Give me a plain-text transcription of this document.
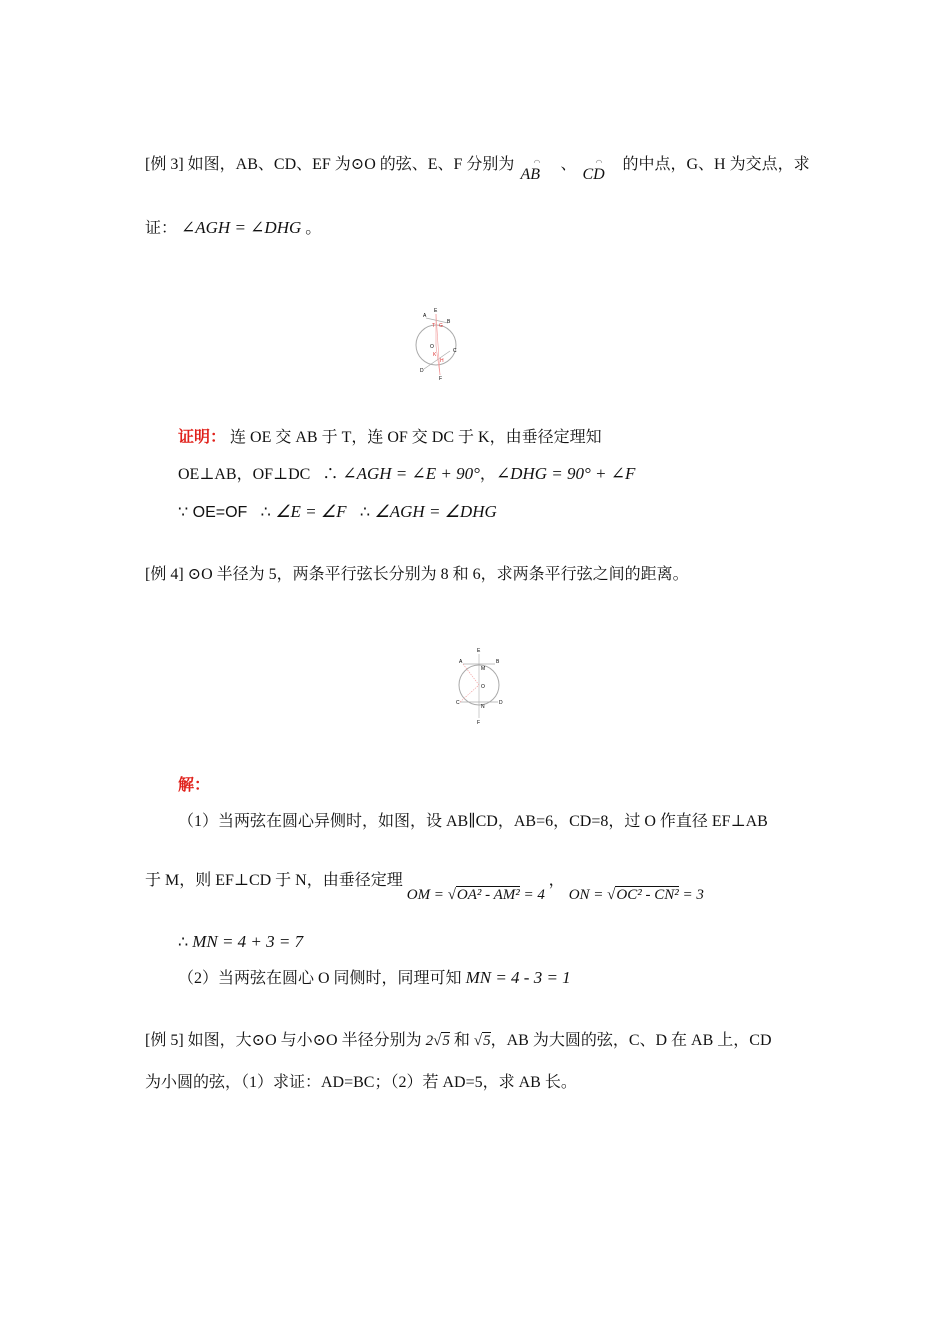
[例 3] 如图，AB、CD、EF 为⊙O 的弦、E、F 分别为 ◠
AB
、 ◠
CD
的中点，G、H 为交点，求
证： ∠AGH = ∠DHG 。
A
E
B
T G
O
C
K
H
D
F
证明： 连 OE 交 AB 于 T，连 OF 交 DC 于 K，由垂径定理知
OE⊥AB，OF⊥DC ∴ ∠AGH = ∠E + 90°，∠DHG = 90° + ∠F
∵ OE=OF ∴ ∠E = ∠F ∴ ∠AGH = ∠DHG
[例 4] ⊙O 半径为 5，两条平行弦长分别为 8 和 6，求两条平行弦之间的距离。
A
E
B
M
O
C
N
D
F
解：
（1）当两弦在圆心异侧时，如图，设 AB∥CD，AB=6，CD=8，过 O 作直径 EF⊥AB
于 M，则 EF⊥CD 于 N，由垂径定理 OM = √OA² - AM² = 4 ， ON = √OC² - CN² = 3
∴ MN = 4 + 3 = 7
（2）当两弦在圆心 O 同侧时，同理可知 MN = 4 - 3 = 1
[例 5] 如图，大⊙O 与小⊙O 半径分别为 2√5 和 √5，AB 为大圆的弦，C、D 在 AB 上，CD
为小圆的弦，（1）求证：AD=BC；（2）若 AD=5，求 AB 长。
